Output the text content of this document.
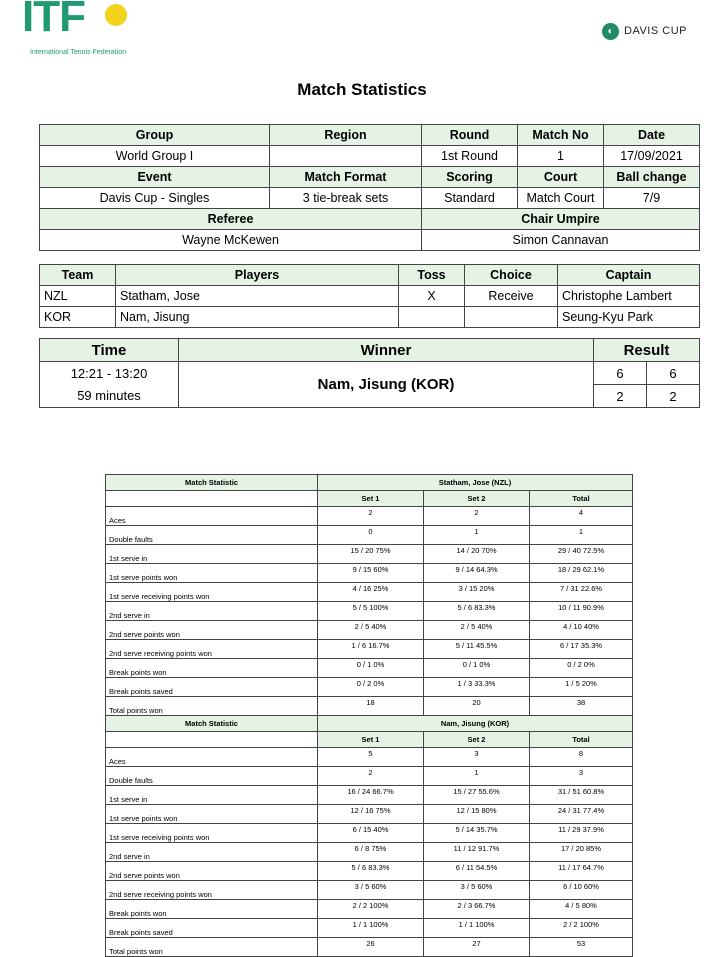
ITF
International Tennis Federation
◐ DAVIS CUP
Match Statistics
Group	Region	Round	Match No	Date
World Group I		1st Round	1	17/09/2021
Event	Match Format	Scoring	Court	Ball change
Davis Cup - Singles	3 tie-break sets	Standard	Match Court	7/9
Referee		Chair Umpire		
Wayne McKewen		Simon Cannavan		
Team	Players	Toss	Choice	Captain
NZL	Statham, Jose	X	Receive	Christophe Lambert
KOR	Nam, Jisung			Seung-Kyu Park
Time	Winner	Result	
12:21 - 13:20	Nam, Jisung (KOR)	6	6
59 minutes		2	2
Match Statistic	Statham, Jose (NZL)		
	Set 1	Set 2	Total
Aces	2	2	4
Double faults	0	1	1
1st serve in	15 / 20 75%	14 / 20 70%	29 / 40 72.5%
1st serve points won	9 / 15 60%	9 / 14 64.3%	18 / 29 62.1%
1st serve receiving points won	4 / 16 25%	3 / 15 20%	7 / 31 22.6%
2nd serve in	5 / 5 100%	5 / 6 83.3%	10 / 11 90.9%
2nd serve points won	2 / 5 40%	2 / 5 40%	4 / 10 40%
2nd serve receiving points won	1 / 6 16.7%	5 / 11 45.5%	6 / 17 35.3%
Break points won	0 / 1 0%	0 / 1 0%	0 / 2 0%
Break points saved	0 / 2 0%	1 / 3 33.3%	1 / 5 20%
Total points won	18	20	38
Match Statistic	Nam, Jisung (KOR)		
	Set 1	Set 2	Total
Aces	5	3	8
Double faults	2	1	3
1st serve in	16 / 24 66.7%	15 / 27 55.6%	31 / 51 60.8%
1st serve points won	12 / 16 75%	12 / 15 80%	24 / 31 77.4%
1st serve receiving points won	6 / 15 40%	5 / 14 35.7%	11 / 29 37.9%
2nd serve in	6 / 8 75%	11 / 12 91.7%	17 / 20 85%
2nd serve points won	5 / 6 83.3%	6 / 11 54.5%	11 / 17 64.7%
2nd serve receiving points won	3 / 5 60%	3 / 5 60%	6 / 10 60%
Break points won	2 / 2 100%	2 / 3 66.7%	4 / 5 80%
Break points saved	1 / 1 100%	1 / 1 100%	2 / 2 100%
Total points won	26	27	53
